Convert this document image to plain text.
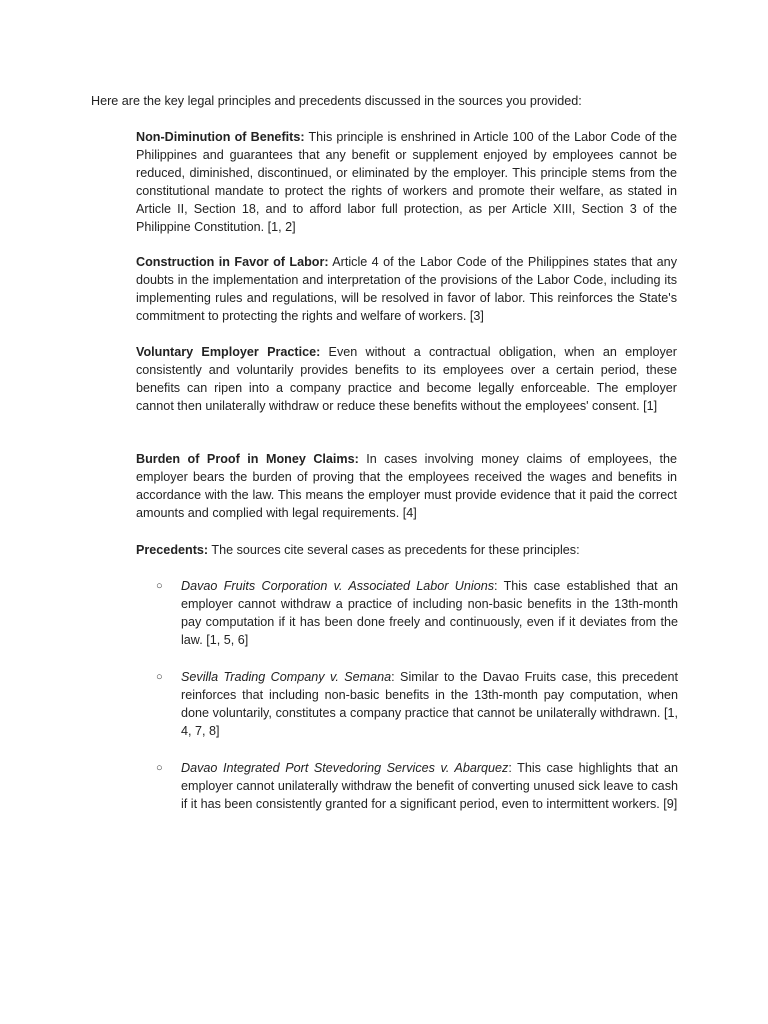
Here are the key legal principles and precedents discussed in the sources you provided:

Non-Diminution of Benefits: This principle is enshrined in Article 100 of the Labor Code of the Philippines and guarantees that any benefit or supplement enjoyed by employees cannot be reduced, diminished, discontinued, or eliminated by the employer. This principle stems from the constitutional mandate to protect the rights of workers and promote their welfare, as stated in Article II, Section 18, and to afford labor full protection, as per Article XIII, Section 3 of the Philippine Constitution. [1, 2]

Construction in Favor of Labor: Article 4 of the Labor Code of the Philippines states that any doubts in the implementation and interpretation of the provisions of the Labor Code, including its implementing rules and regulations, will be resolved in favor of labor. This reinforces the State's commitment to protecting the rights and welfare of workers. [3]

Voluntary Employer Practice: Even without a contractual obligation, when an employer consistently and voluntarily provides benefits to its employees over a certain period, these benefits can ripen into a company practice and become legally enforceable. The employer cannot then unilaterally withdraw or reduce these benefits without the employees' consent. [1]

Burden of Proof in Money Claims: In cases involving money claims of employees, the employer bears the burden of proving that the employees received the wages and benefits in accordance with the law. This means the employer must provide evidence that it paid the correct amounts and complied with legal requirements. [4]

Precedents: The sources cite several cases as precedents for these principles:

○	Davao Fruits Corporation v. Associated Labor Unions: This case established that an employer cannot withdraw a practice of including non-basic benefits in the 13th-month pay computation if it has been done freely and continuously, even if it deviates from the law. [1, 5, 6]

○	Sevilla Trading Company v. Semana: Similar to the Davao Fruits case, this precedent reinforces that including non-basic benefits in the 13th-month pay computation, when done voluntarily, constitutes a company practice that cannot be unilaterally withdrawn. [1, 4, 7, 8]

○	Davao Integrated Port Stevedoring Services v. Abarquez: This case highlights that an employer cannot unilaterally withdraw the benefit of converting unused sick leave to cash if it has been consistently granted for a significant period, even to intermittent workers. [9]
